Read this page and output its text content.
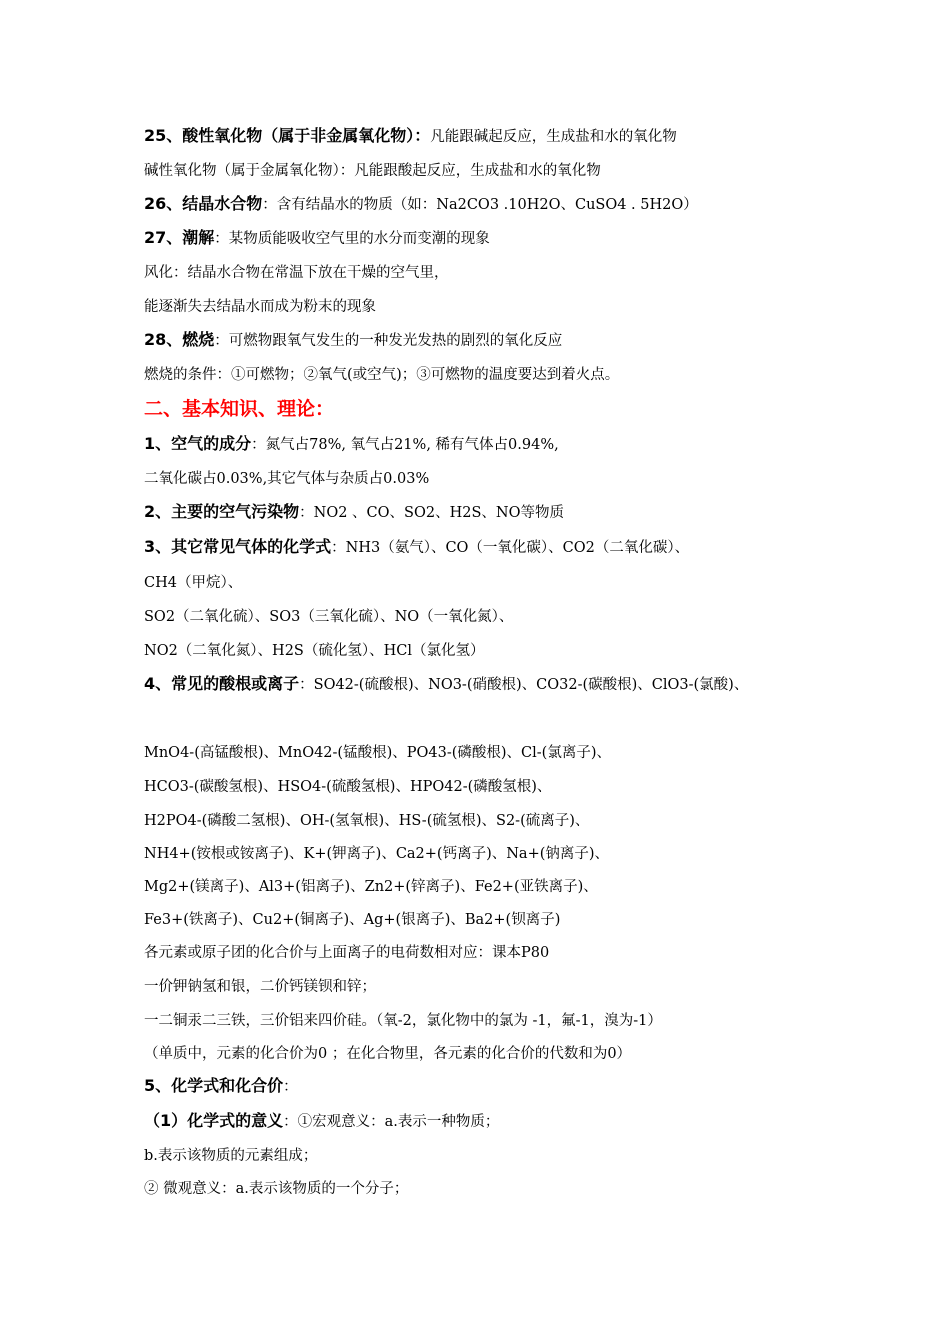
25、酸性氧化物（属于非金属氧化物）：凡能跟碱起反应，生成盐和水的氧化物
碱性氧化物（属于金属氧化物）：凡能跟酸起反应，生成盐和水的氧化物
26、结晶水合物：含有结晶水的物质（如：Na2CO3 .10H2O、CuSO4 . 5H2O）
27、潮解：某物质能吸收空气里的水分而变潮的现象
风化：结晶水合物在常温下放在干燥的空气里，
能逐渐失去结晶水而成为粉末的现象
28、燃烧：可燃物跟氧气发生的一种发光发热的剧烈的氧化反应
燃烧的条件：①可燃物；②氧气(或空气)；③可燃物的温度要达到着火点。
二、基本知识、理论：
1、空气的成分：氮气占78%, 氧气占21%, 稀有气体占0.94%,
二氧化碳占0.03%,其它气体与杂质占0.03%
2、主要的空气污染物：NO2 、CO、SO2、H2S、NO等物质
3、其它常见气体的化学式：NH3（氨气）、CO（一氧化碳）、CO2（二氧化碳）、
CH4（甲烷）、
SO2（二氧化硫）、SO3（三氧化硫）、NO（一氧化氮）、
NO2（二氧化氮）、H2S（硫化氢）、HCl（氯化氢）
4、常见的酸根或离子：SO42-(硫酸根)、NO3-(硝酸根)、CO32-(碳酸根)、ClO3-(氯酸)、
MnO4-(高锰酸根)、MnO42-(锰酸根)、PO43-(磷酸根)、Cl-(氯离子)、
HCO3-(碳酸氢根)、HSO4-(硫酸氢根)、HPO42-(磷酸氢根)、
H2PO4-(磷酸二氢根)、OH-(氢氧根)、HS-(硫氢根)、S2-(硫离子)、
NH4+(铵根或铵离子)、K+(钾离子)、Ca2+(钙离子)、Na+(钠离子)、
Mg2+(镁离子)、Al3+(铝离子)、Zn2+(锌离子)、Fe2+(亚铁离子)、
Fe3+(铁离子)、Cu2+(铜离子)、Ag+(银离子)、Ba2+(钡离子)
各元素或原子团的化合价与上面离子的电荷数相对应：课本P80
一价钾钠氢和银，二价钙镁钡和锌；
一二铜汞二三铁，三价铝来四价硅。（氧-2，氯化物中的氯为 -1，氟-1，溴为-1）
（单质中，元素的化合价为0 ；在化合物里，各元素的化合价的代数和为0）
5、化学式和化合价：
（1）化学式的意义：①宏观意义：a.表示一种物质；
b.表示该物质的元素组成；
② 微观意义：a.表示该物质的一个分子；
